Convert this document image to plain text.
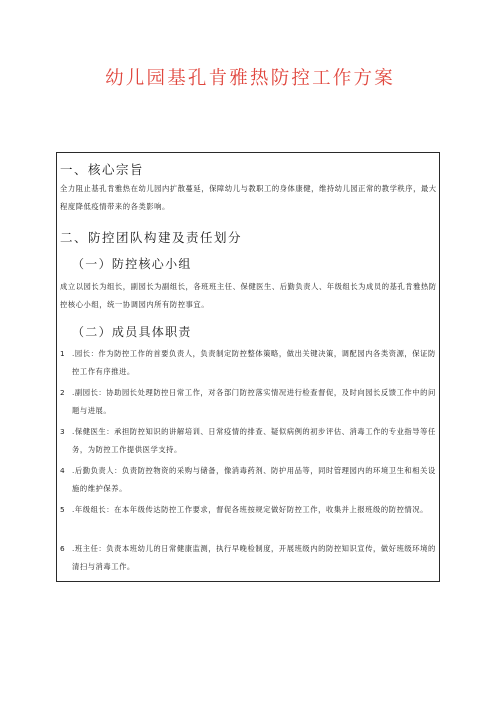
幼儿园基孔肯雅热防控工作方案
一、核心宗旨

全力阻止基孔肯雅热在幼儿园内扩散蔓延，保障幼儿与教职工的身体康健，维持幼儿园正常的教学秩序，最大程度降低疫情带来的各类影响。

二、防控团队构建及责任划分
（一）防控核心小组

成立以园长为组长，副园长为副组长，各班班主任、保健医生、后勤负责人、年级组长为成员的基孔肯雅热防控核心小组，统一协调园内所有防控事宜。

（二）成员具体职责
1 .园长：作为防控工作的首要负责人，负责制定防控整体策略，做出关键决策，调配园内各类资源，保证防控工作有序推进。

2 .副园长：协助园长处理防控日常工作，对各部门防控落实情况进行检查督促，及时向园长反馈工作中的问题与进展。

3 .保健医生：承担防控知识的讲解培训、日常疫情的排查、疑似病例的初步评估、消毒工作的专业指导等任务，为防控工作提供医学支持。

4 .后勤负责人：负责防控物资的采购与储备，像消毒药剂、防护用品等，同时管理园内的环境卫生和相关设施的维护保养。

5 .年级组长：在本年级传达防控工作要求，督促各班按规定做好防控工作，收集并上报班级的防控情况。

6 .班主任：负责本班幼儿的日常健康监测，执行早晚检制度，开展班级内的防控知识宣传，做好班级环境的清扫与消毒工作。
